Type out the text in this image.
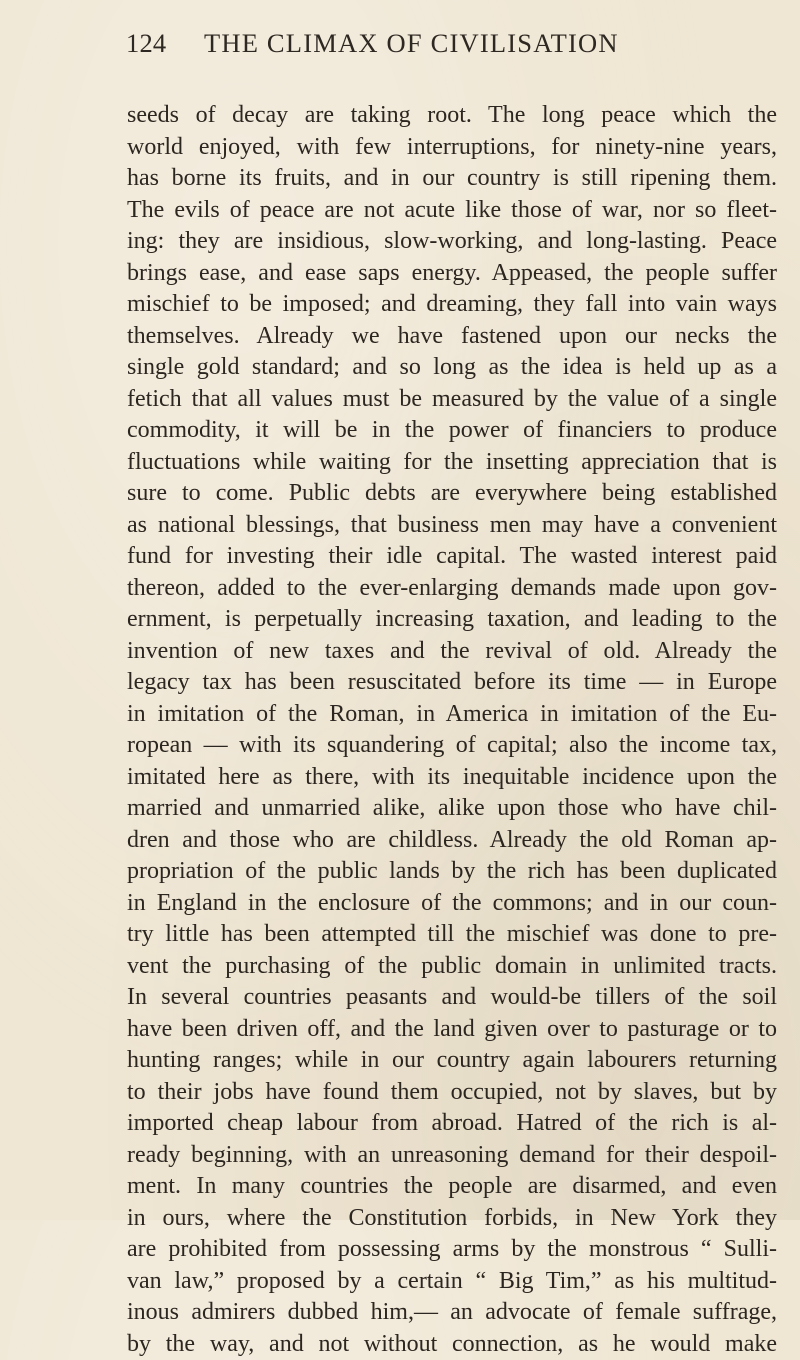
124 THE CLIMAX OF CIVILISATION
seeds of decay are taking root. The long peace which the
world enjoyed, with few interruptions, for ninety-nine years,
has borne its fruits, and in our country is still ripening them.
The evils of peace are not acute like those of war, nor so fleet-
ing: they are insidious, slow-working, and long-lasting. Peace
brings ease, and ease saps energy. Appeased, the people suffer
mischief to be imposed; and dreaming, they fall into vain ways
themselves. Already we have fastened upon our necks the
single gold standard; and so long as the idea is held up as a
fetich that all values must be measured by the value of a single
commodity, it will be in the power of financiers to produce
fluctuations while waiting for the insetting appreciation that is
sure to come. Public debts are everywhere being established
as national blessings, that business men may have a convenient
fund for investing their idle capital. The wasted interest paid
thereon, added to the ever-enlarging demands made upon gov-
ernment, is perpetually increasing taxation, and leading to the
invention of new taxes and the revival of old. Already the
legacy tax has been resuscitated before its time — in Europe
in imitation of the Roman, in America in imitation of the Eu-
ropean — with its squandering of capital; also the income tax,
imitated here as there, with its inequitable incidence upon the
married and unmarried alike, alike upon those who have chil-
dren and those who are childless. Already the old Roman ap-
propriation of the public lands by the rich has been duplicated
in England in the enclosure of the commons; and in our coun-
try little has been attempted till the mischief was done to pre-
vent the purchasing of the public domain in unlimited tracts.
In several countries peasants and would-be tillers of the soil
have been driven off, and the land given over to pasturage or to
hunting ranges; while in our country again labourers returning
to their jobs have found them occupied, not by slaves, but by
imported cheap labour from abroad. Hatred of the rich is al-
ready beginning, with an unreasoning demand for their despoil-
ment. In many countries the people are disarmed, and even
in ours, where the Constitution forbids, in New York they
are prohibited from possessing arms by the monstrous “ Sulli-
van law,” proposed by a certain “ Big Tim,” as his multitud-
inous admirers dubbed him,— an advocate of female suffrage,
by the way, and not without connection, as he would make
